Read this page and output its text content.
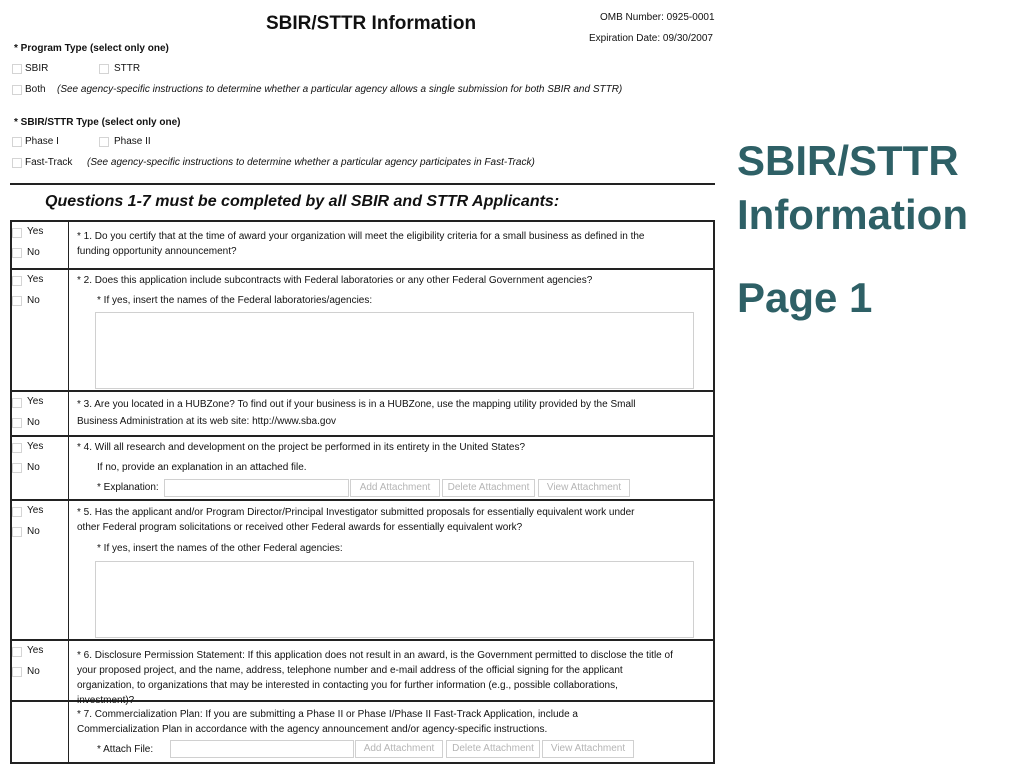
SBIR/STTR Information	OMB Number: 0925-0001
Expiration Date: 09/30/2007
* Program Type (select only one)
SBIR	STTR
Both (See agency-specific instructions to determine whether a particular agency allows a single submission for both SBIR and STTR)
* SBIR/STTR Type (select only one)
Phase I	Phase II
Fast-Track (See agency-specific instructions to determine whether a particular agency participates in Fast-Track)
Questions 1-7 must be completed by all SBIR and STTR Applicants:
Yes
No
* 1. Do you certify that at the time of award your organization will meet the eligibility criteria for a small business as defined in the funding opportunity announcement?
Yes
No
* 2. Does this application include subcontracts with Federal laboratories or any other Federal Government agencies?
* If yes, insert the names of the Federal laboratories/agencies:
Yes
No
* 3. Are you located in a HUBZone? To find out if your business is in a HUBZone, use the mapping utility provided by the Small Business Administration at its web site: http://www.sba.gov
Yes
No
* 4. Will all research and development on the project be performed in its entirety in the United States?
If no, provide an explanation in an attached file.
* Explanation:	Add Attachment	Delete Attachment	View Attachment
Yes
No
* 5. Has the applicant and/or Program Director/Principal Investigator submitted proposals for essentially equivalent work under other Federal program solicitations or received other Federal awards for essentially equivalent work?
* If yes, insert the names of the other Federal agencies:
Yes
No
* 6. Disclosure Permission Statement: If this application does not result in an award, is the Government permitted to disclose the title of your proposed project, and the name, address, telephone number and e-mail address of the official signing for the applicant organization, to organizations that may be interested in contacting you for further information (e.g., possible collaborations, investment)?
* 7. Commercialization Plan: If you are submitting a Phase II or Phase I/Phase II Fast-Track Application, include a Commercialization Plan in accordance with the agency announcement and/or agency-specific instructions.
* Attach File:	Add Attachment	Delete Attachment	View Attachment
SBIR/STTR
Information
Page 1
